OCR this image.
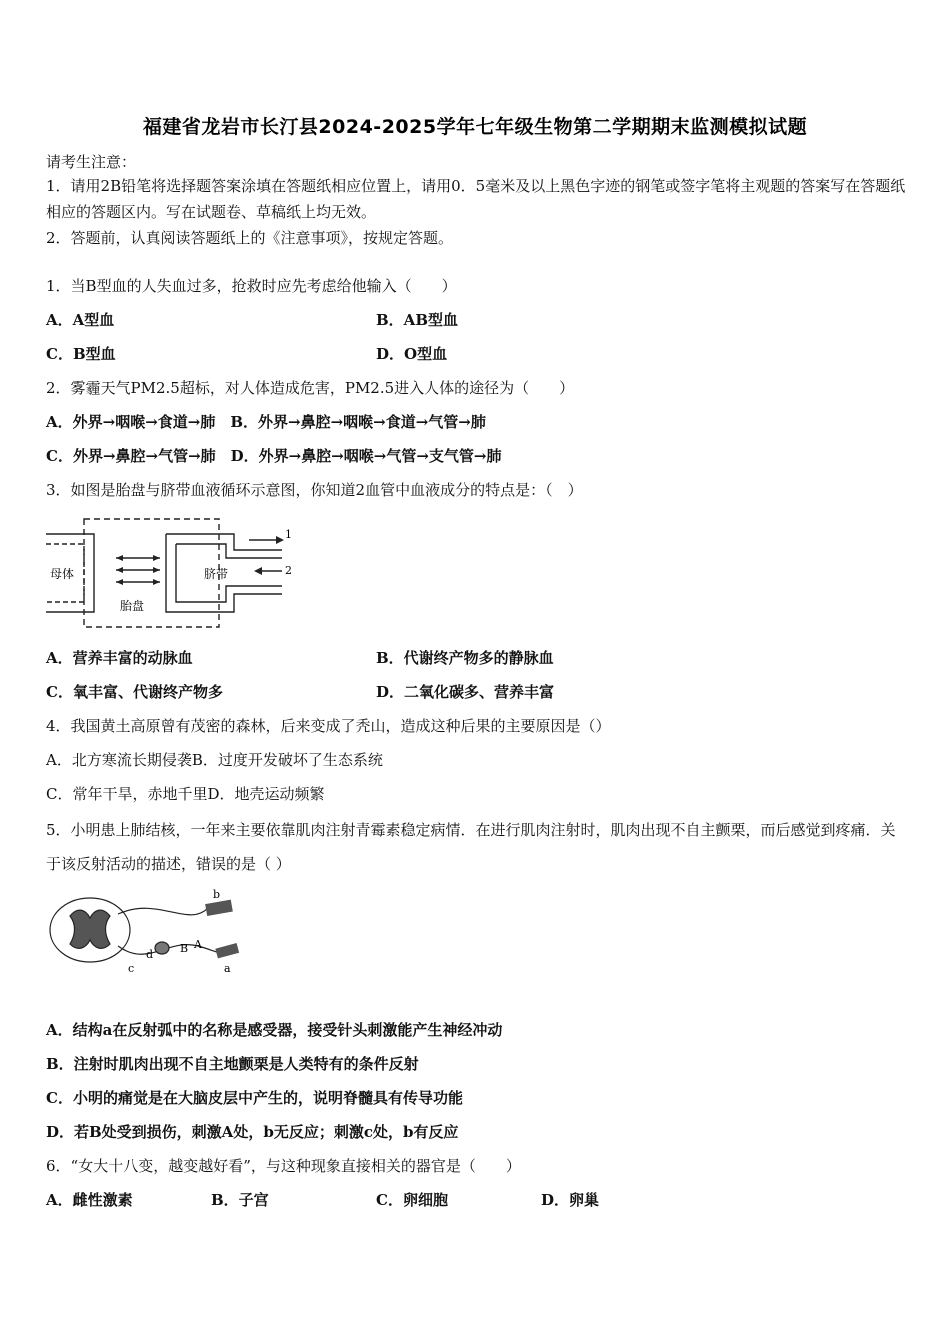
福建省龙岩市长汀县2024-2025学年七年级生物第二学期期末监测模拟试题
请考生注意：
1．请用2B铅笔将选择题答案涂填在答题纸相应位置上，请用0．5毫米及以上黑色字迹的钢笔或签字笔将主观题的答案写在答题纸相应的答题区内。写在试题卷、草稿纸上均无效。
2．答题前，认真阅读答题纸上的《注意事项》，按规定答题。
1．当B型血的人失血过多，抢救时应先考虑给他输入（　　）
A．A型血	B．AB型血
C．B型血	D．O型血
2．雾霾天气PM2.5超标，对人体造成危害，PM2.5进入人体的途径为（　　）
A．外界→咽喉→食道→肺　B．外界→鼻腔→咽喉→食道→气管→肺
C．外界→鼻腔→气管→肺　D．外界→鼻腔→咽喉→气管→支气管→肺
3．如图是胎盘与脐带血液循环示意图，你知道2血管中血液成分的特点是：（　）
母体	脐带
胎盘
1
2
A．营养丰富的动脉血	B．代谢终产物多的静脉血
C．氧丰富、代谢终产物多	D．二氧化碳多、营养丰富
4．我国黄土高原曾有茂密的森林，后来变成了秃山，造成这种后果的主要原因是（）
A．北方寒流长期侵袭B．过度开发破坏了生态系统
C．常年干旱，赤地千里D．地壳运动频繁
5．小明患上肺结核，一年来主要依靠肌肉注射青霉素稳定病情．在进行肌肉注射时，肌肉出现不自主颤栗，而后感觉到疼痛．关于该反射活动的描述，错误的是（ ）
b
a
c
d B A
A．结构a在反射弧中的名称是感受器，接受针头刺激能产生神经冲动
B．注射时肌肉出现不自主地颤栗是人类特有的条件反射
C．小明的痛觉是在大脑皮层中产生的，说明脊髓具有传导功能
D．若B处受到损伤，刺激A处，b无反应；刺激c处，b有反应
6．“女大十八变，越变越好看”，与这种现象直接相关的器官是（　　）
A．雌性激素	B．子宫	C．卵细胞	D．卵巢
